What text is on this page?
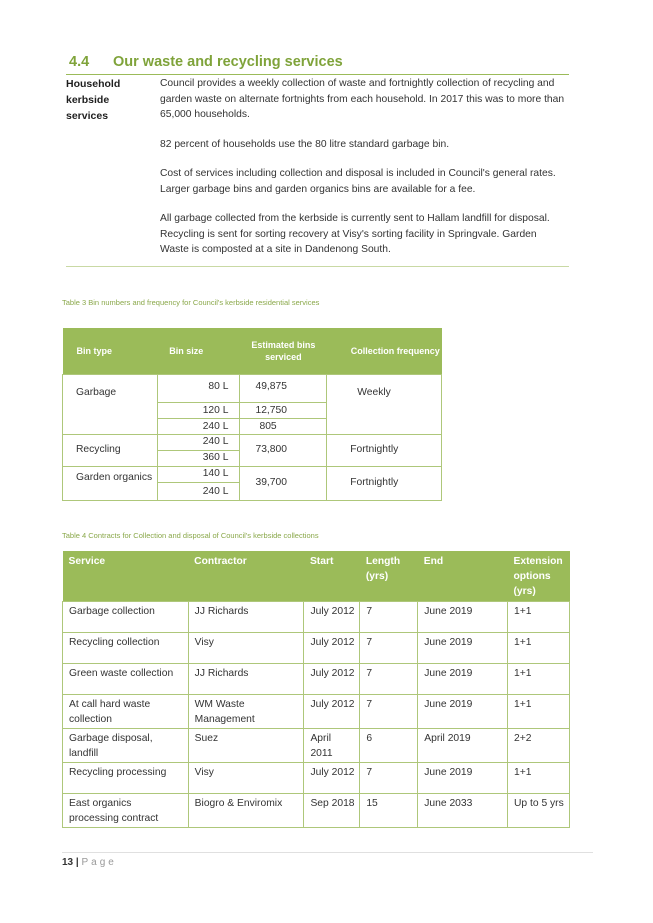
4.4 Our waste and recycling services
Household kerbside services

Council provides a weekly collection of waste and fortnightly collection of recycling and garden waste on alternate fortnights from each household. In 2017 this was to more than 65,000 households.

82 percent of households use the 80 litre standard garbage bin.

Cost of services including collection and disposal is included in Council's general rates. Larger garbage bins and garden organics bins are available for a fee.

All garbage collected from the kerbside is currently sent to Hallam landfill for disposal. Recycling is sent for sorting recovery at Visy's sorting facility in Springvale. Garden Waste is composted at a site in Dandenong South.

Table 3 Bin numbers and frequency for Council's kerbside residential services
Bin type	Bin size	Estimated bins serviced	Collection frequency
Garbage	80 L	49,875	Weekly
	120 L	12,750	
	240 L	805	
Recycling	240 L	73,800	Fortnightly
	360 L		
Garden organics	140 L	39,700	Fortnightly
	240 L		
Table 4 Contracts for Collection and disposal of Council's kerbside collections
Service	Contractor	Start	Length (yrs)	End	Extension options (yrs)
Garbage collection	JJ Richards	July 2012	7	June 2019	1+1
Recycling collection	Visy	July 2012	7	June 2019	1+1
Green waste collection	JJ Richards	July 2012	7	June 2019	1+1
At call hard waste collection	WM Waste Management	July 2012	7	June 2019	1+1
Garbage disposal, landfill	Suez	April 2011	6	April 2019	2+2
Recycling processing	Visy	July 2012	7	June 2019	1+1
East organics processing contract	Biogro & Enviromix	Sep 2018	15	June 2033	Up to 5 yrs
13 | Page
